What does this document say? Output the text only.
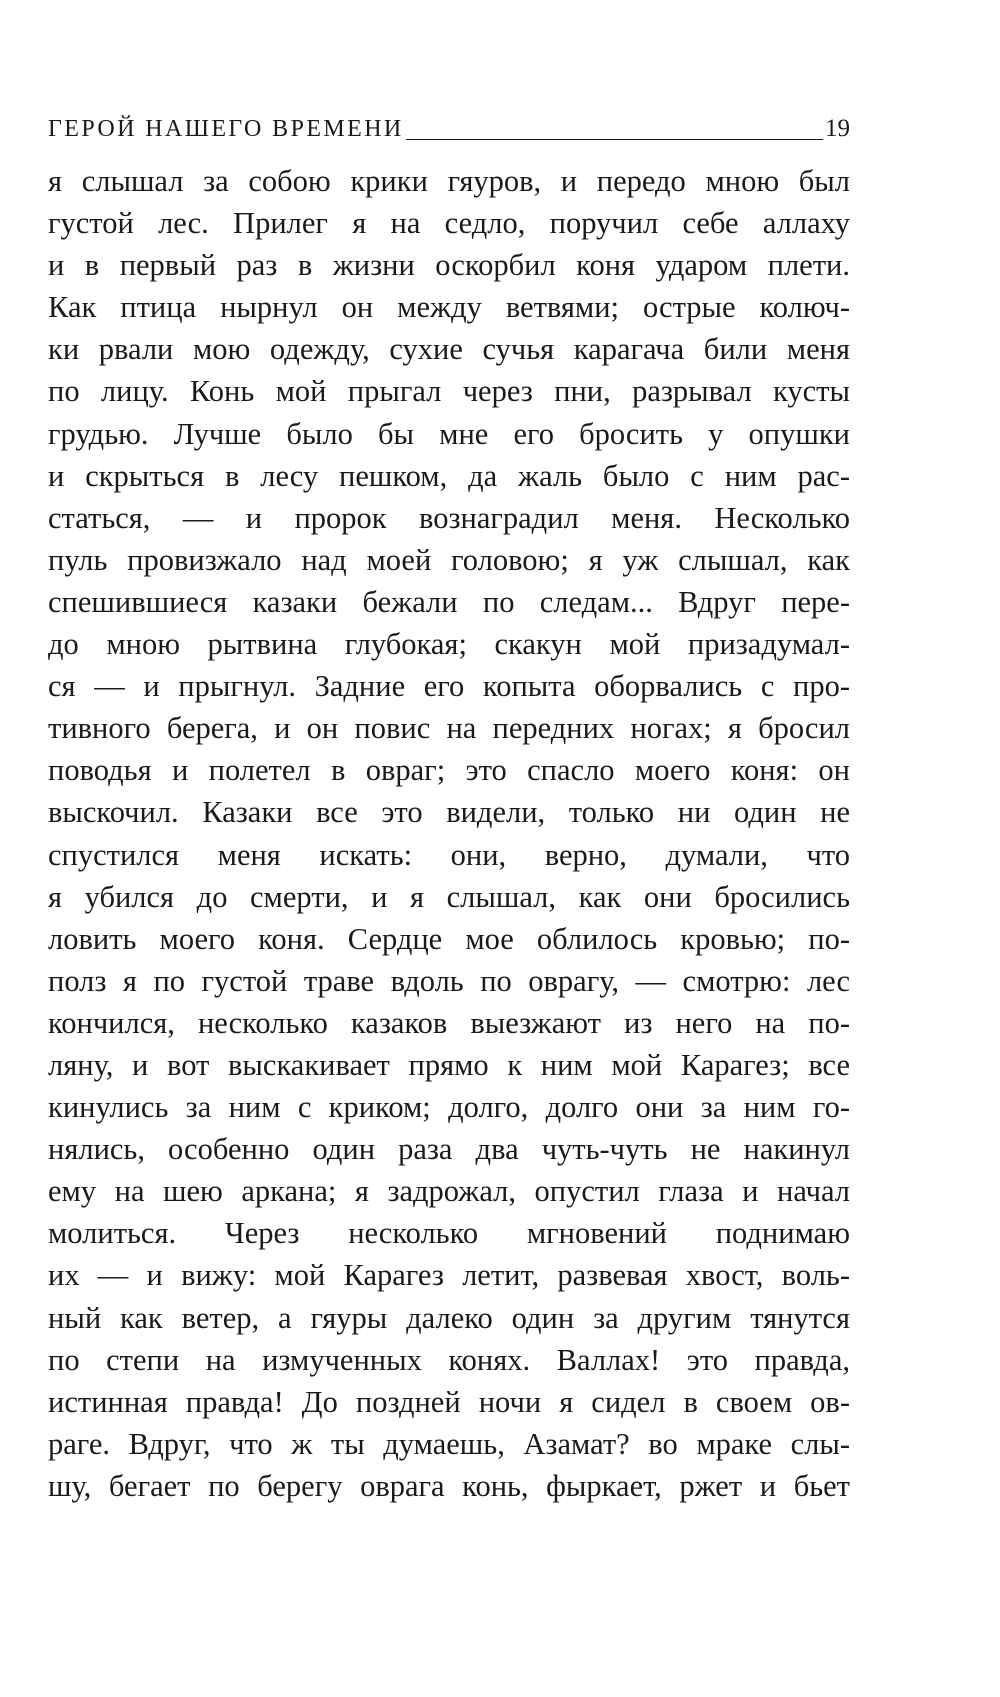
ГЕРОЙ НАШЕГО ВРЕМЕНИ	19
я слышал за собою крики гяуров, и передо мною был
густой лес. Прилег я на седло, поручил себе аллаху
и в первый раз в жизни оскорбил коня ударом плети.
Как птица нырнул он между ветвями; острые колюч-
ки рвали мою одежду, сухие сучья карагача били меня
по лицу. Конь мой прыгал через пни, разрывал кусты
грудью. Лучше было бы мне его бросить у опушки
и скрыться в лесу пешком, да жаль было с ним рас-
статься, — и пророк вознаградил меня. Несколько
пуль провизжало над моей головою; я уж слышал, как
спешившиеся казаки бежали по следам... Вдруг пере-
до мною рытвина глубокая; скакун мой призадумал-
ся — и прыгнул. Задние его копыта оборвались с про-
тивного берега, и он повис на передних ногах; я бросил
поводья и полетел в овраг; это спасло моего коня: он
выскочил. Казаки все это видели, только ни один не
спустился меня искать: они, верно, думали, что
я убился до смерти, и я слышал, как они бросились
ловить моего коня. Сердце мое облилось кровью; по-
полз я по густой траве вдоль по оврагу, — смотрю: лес
кончился, несколько казаков выезжают из него на по-
ляну, и вот выскакивает прямо к ним мой Карагез; все
кинулись за ним с криком; долго, долго они за ним го-
нялись, особенно один раза два чуть-чуть не накинул
ему на шею аркана; я задрожал, опустил глаза и начал
молиться. Через несколько мгновений поднимаю
их — и вижу: мой Карагез летит, развевая хвост, воль-
ный как ветер, а гяуры далеко один за другим тянутся
по степи на измученных конях. Валлах! это правда,
истинная правда! До поздней ночи я сидел в своем ов-
раге. Вдруг, что ж ты думаешь, Азамат? во мраке слы-
шу, бегает по берегу оврага конь, фыркает, ржет и бьет
